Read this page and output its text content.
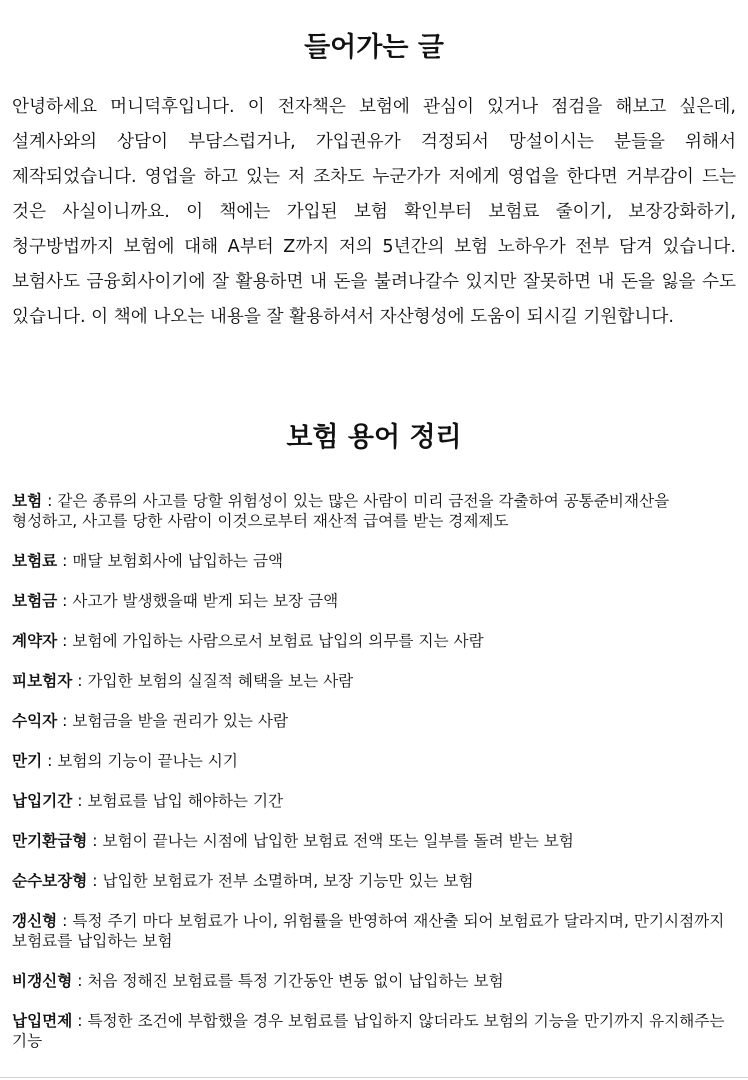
들어가는 글

안녕하세요 머니덕후입니다. 이 전자책은 보험에 관심이 있거나 점검을 해보고 싶은데, 설계사와의 상담이 부담스럽거나, 가입권유가 걱정되서 망설이시는 분들을 위해서 제작되었습니다. 영업을 하고 있는 저 조차도 누군가가 저에게 영업을 한다면 거부감이 드는 것은 사실이니까요. 이 책에는 가입된 보험 확인부터 보험료 줄이기, 보장강화하기, 청구방법까지 보험에 대해 A부터 Z까지 저의 5년간의 보험 노하우가 전부 담겨 있습니다. 보험사도 금융회사이기에 잘 활용하면 내 돈을 불려나갈수 있지만 잘못하면 내 돈을 잃을 수도 있습니다. 이 책에 나오는 내용을 잘 활용하셔서 자산형성에 도움이 되시길 기원합니다.

보험 용어 정리
보험 : 같은 종류의 사고를 당할 위험성이 있는 많은 사람이 미리 금전을 각출하여 공통준비재산을 형성하고, 사고를 당한 사람이 이것으로부터 재산적 급여를 받는 경제제도
보험료 : 매달 보험회사에 납입하는 금액
보험금 : 사고가 발생했을때 받게 되는 보장 금액
계약자 : 보험에 가입하는 사람으로서 보험료 납입의 의무를 지는 사람
피보험자 : 가입한 보험의 실질적 혜택을 보는 사람
수익자 : 보험금을 받을 권리가 있는 사람
만기 : 보험의 기능이 끝나는 시기
납입기간 : 보험료를 납입 해야하는 기간
만기환급형 : 보험이 끝나는 시점에 납입한 보험료 전액 또는 일부를 돌려 받는 보험
순수보장형 : 납입한 보험료가 전부 소멸하며, 보장 기능만 있는 보험
갱신형 : 특정 주기 마다 보험료가 나이, 위험률을 반영하여 재산출 되어 보험료가 달라지며, 만기시점까지 보험료를 납입하는 보험
비갱신형 : 처음 정해진 보험료를 특정 기간동안 변동 없이 납입하는 보험
납입면제 : 특정한 조건에 부합했을 경우 보험료를 납입하지 않더라도 보험의 기능을 만기까지 유지해주는 기능
